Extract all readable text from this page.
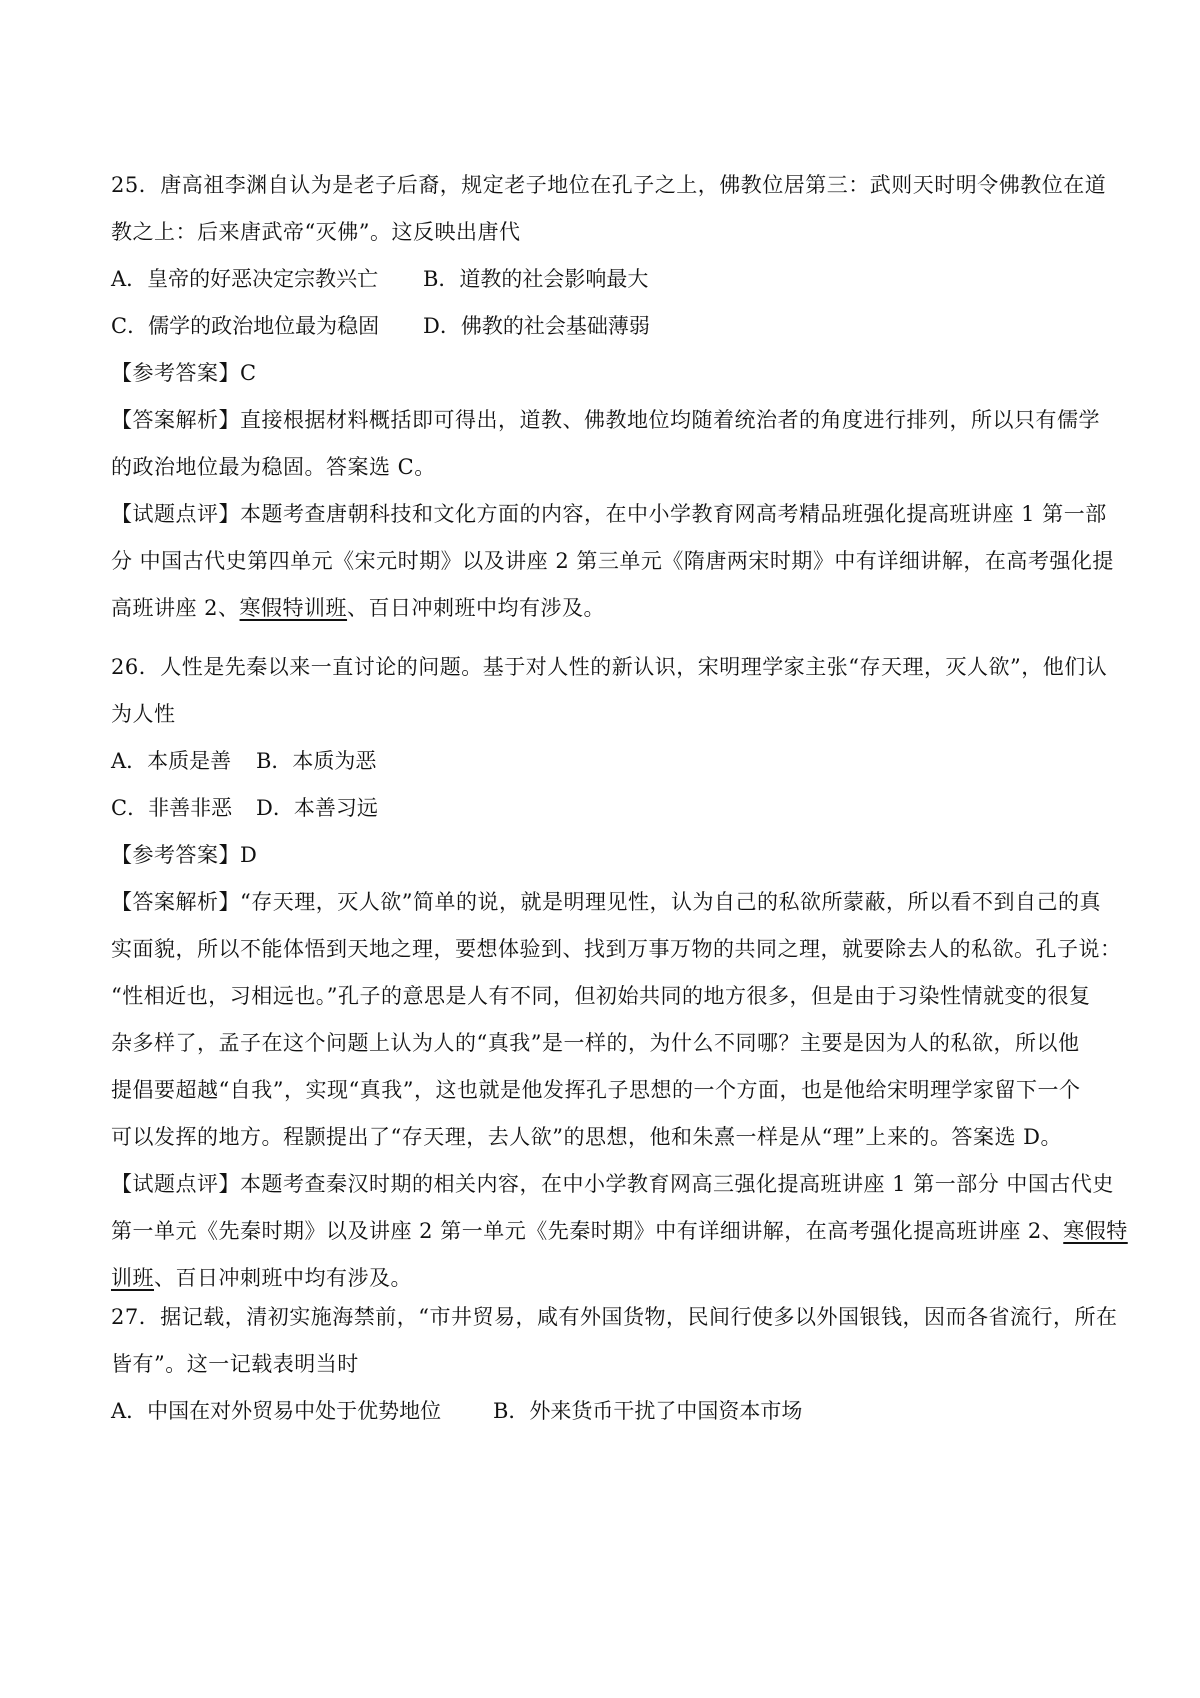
25．唐高祖李渊自认为是老子后裔，规定老子地位在孔子之上，佛教位居第三：武则天时明令佛教位在道
教之上：后来唐武帝“灭佛”。这反映出唐代
A．皇帝的好恶决定宗教兴亡 B．道教的社会影响最大
C．儒学的政治地位最为稳固 D．佛教的社会基础薄弱
【参考答案】C
【答案解析】直接根据材料概括即可得出，道教、佛教地位均随着统治者的角度进行排列，所以只有儒学
的政治地位最为稳固。答案选 C。
【试题点评】本题考查唐朝科技和文化方面的内容，在中小学教育网高考精品班强化提高班讲座 1 第一部
分 中国古代史第四单元《宋元时期》以及讲座 2 第三单元《隋唐两宋时期》中有详细讲解，在高考强化提
高班讲座 2、寒假特训班、百日冲刺班中均有涉及。
26．人性是先秦以来一直讨论的问题。基于对人性的新认识，宋明理学家主张“存天理，灭人欲”，他们认
为人性
A．本质是善 B．本质为恶
C．非善非恶 D．本善习远
【参考答案】D
【答案解析】“存天理，灭人欲”简单的说，就是明理见性，认为自己的私欲所蒙蔽，所以看不到自己的真
实面貌，所以不能体悟到天地之理，要想体验到、找到万事万物的共同之理，就要除去人的私欲。孔子说：
“性相近也，习相远也。”孔子的意思是人有不同，但初始共同的地方很多，但是由于习染性情就变的很复
杂多样了，孟子在这个问题上认为人的“真我”是一样的，为什么不同哪？主要是因为人的私欲，所以他
提倡要超越“自我”，实现“真我”，这也就是他发挥孔子思想的一个方面，也是他给宋明理学家留下一个
可以发挥的地方。程颢提出了“存天理，去人欲”的思想，他和朱熹一样是从“理”上来的。答案选 D。
【试题点评】本题考查秦汉时期的相关内容，在中小学教育网高三强化提高班讲座 1 第一部分 中国古代史
第一单元《先秦时期》以及讲座 2 第一单元《先秦时期》中有详细讲解，在高考强化提高班讲座 2、寒假特
训班、百日冲刺班中均有涉及。
27．据记载，清初实施海禁前，“市井贸易，咸有外国货物，民间行使多以外国银钱，因而各省流行，所在
皆有”。这一记载表明当时
A．中国在对外贸易中处于优势地位 B．外来货币干扰了中国资本市场
